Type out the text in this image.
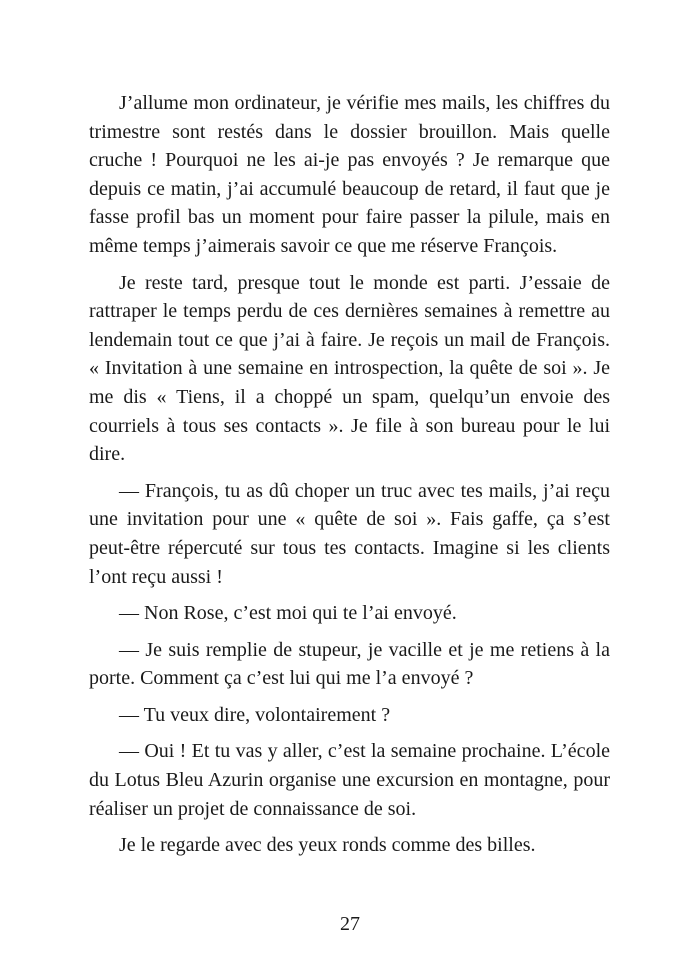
J’allume mon ordinateur, je vérifie mes mails, les chiffres du trimestre sont restés dans le dossier brouillon. Mais quelle cruche ! Pourquoi ne les ai-je pas envoyés ? Je remarque que depuis ce matin, j’ai accumulé beaucoup de retard, il faut que je fasse profil bas un moment pour faire passer la pilule, mais en même temps j’aimerais savoir ce que me réserve François.

Je reste tard, presque tout le monde est parti. J’essaie de rattraper le temps perdu de ces dernières semaines à remettre au lendemain tout ce que j’ai à faire. Je reçois un mail de François. « Invitation à une semaine en introspection, la quête de soi ». Je me dis « Tiens, il a choppé un spam, quelqu’un envoie des courriels à tous ses contacts ». Je file à son bureau pour le lui dire.

— François, tu as dû choper un truc avec tes mails, j’ai reçu une invitation pour une « quête de soi ». Fais gaffe, ça s’est peut-être répercuté sur tous tes contacts. Imagine si les clients l’ont reçu aussi !

— Non Rose, c’est moi qui te l’ai envoyé.

— Je suis remplie de stupeur, je vacille et je me retiens à la porte. Comment ça c’est lui qui me l’a envoyé ?

— Tu veux dire, volontairement ?

— Oui ! Et tu vas y aller, c’est la semaine prochaine. L’école du Lotus Bleu Azurin organise une excursion en montagne, pour réaliser un projet de connaissance de soi.

Je le regarde avec des yeux ronds comme des billes.

27
